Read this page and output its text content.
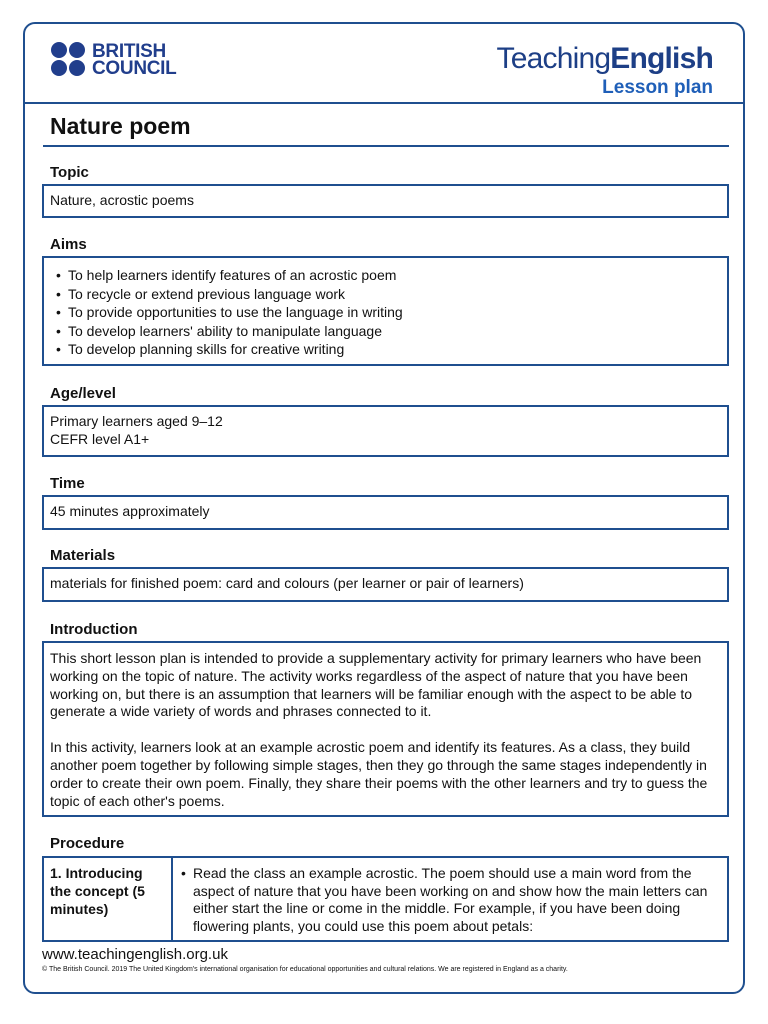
BRITISH
COUNCIL	TeachingEnglish
Lesson plan
Nature poem
Topic
Nature, acrostic poems
Aims
• To help learners identify features of an acrostic poem
• To recycle or extend previous language work
• To provide opportunities to use the language in writing
• To develop learners' ability to manipulate language
• To develop planning skills for creative writing
Age/level
Primary learners aged 9–12
CEFR level A1+
Time
45 minutes approximately
Materials
materials for finished poem: card and colours (per learner or pair of learners)
Introduction
This short lesson plan is intended to provide a supplementary activity for primary learners who have been working on the topic of nature. The activity works regardless of the aspect of nature that you have been working on, but there is an assumption that learners will be familiar enough with the aspect to be able to generate a wide variety of words and phrases connected to it.
In this activity, learners look at an example acrostic poem and identify its features. As a class, they build another poem together by following simple stages, then they go through the same stages independently in order to create their own poem. Finally, they share their poems with the other learners and try to guess the topic of each other's poems.
Procedure
1. Introducing the concept (5 minutes)
• Read the class an example acrostic. The poem should use a main word from the aspect of nature that you have been working on and show how the main letters can either start the line or come in the middle. For example, if you have been doing flowering plants, you could use this poem about petals:
www.teachingenglish.org.uk
© The British Council. 2019 The United Kingdom's international organisation for educational opportunities and cultural relations. We are registered in England as a charity.
